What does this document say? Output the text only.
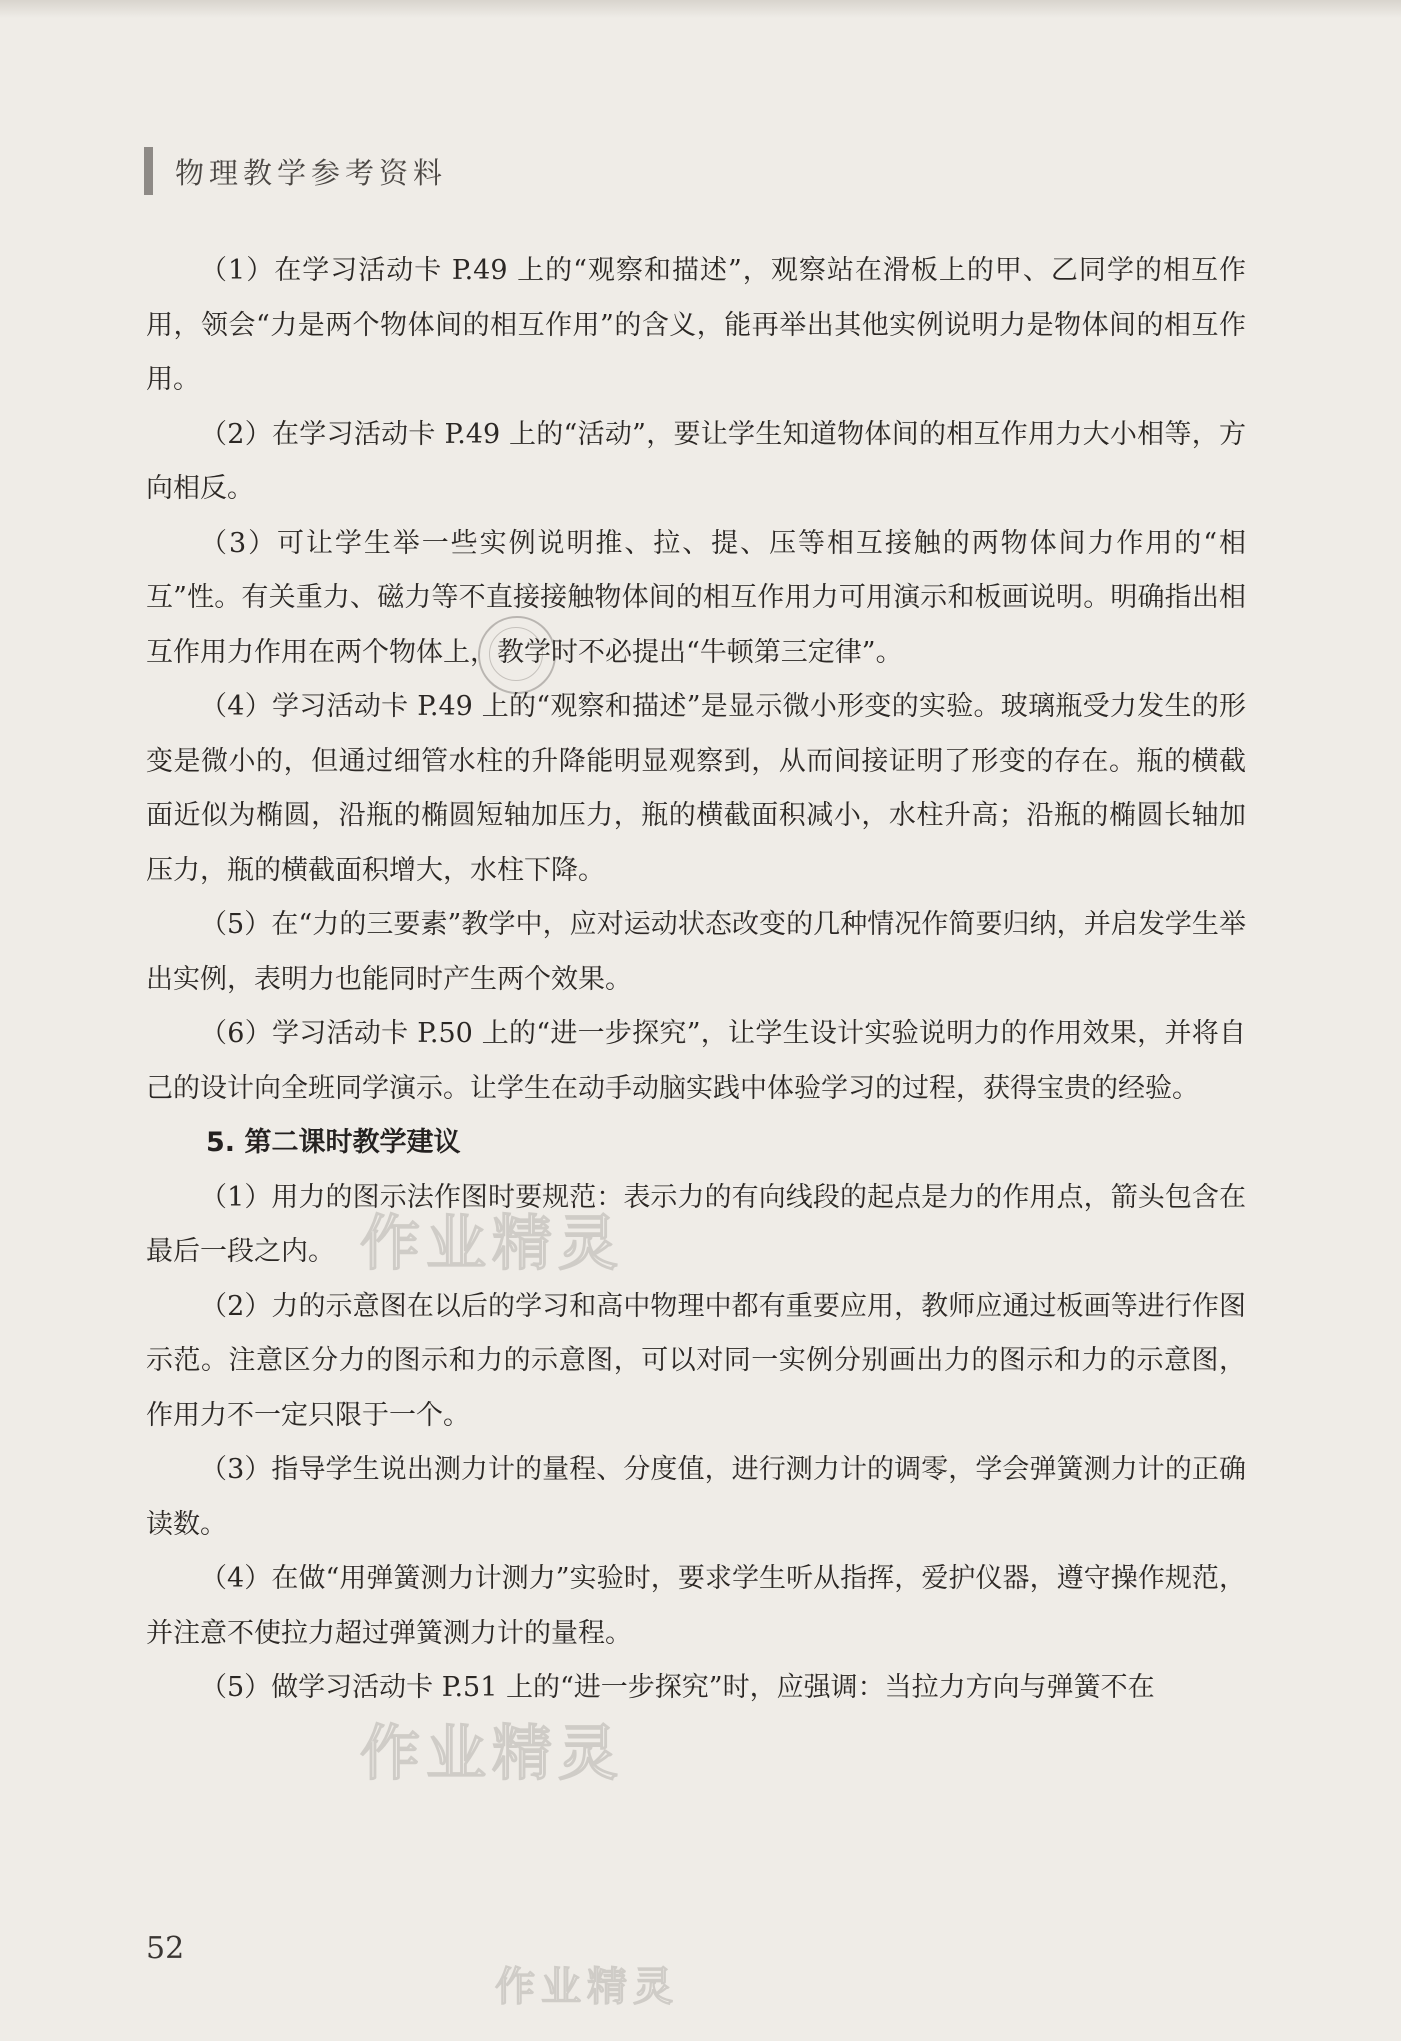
物理教学参考资料
作业精灵
作业精灵
作业精灵

（1）在学习活动卡 P.49 上的“观察和描述”，观察站在滑板上的甲、乙同学的相互作用，领会“力是两个物体间的相互作用”的含义，能再举出其他实例说明力是物体间的相互作用。

（2）在学习活动卡 P.49 上的“活动”，要让学生知道物体间的相互作用力大小相等，方向相反。

（3）可让学生举一些实例说明推、拉、提、压等相互接触的两物体间力作用的“相互”性。有关重力、磁力等不直接接触物体间的相互作用力可用演示和板画说明。明确指出相互作用力作用在两个物体上，教学时不必提出“牛顿第三定律”。

（4）学习活动卡 P.49 上的“观察和描述”是显示微小形变的实验。玻璃瓶受力发生的形变是微小的，但通过细管水柱的升降能明显观察到，从而间接证明了形变的存在。瓶的横截面近似为椭圆，沿瓶的椭圆短轴加压力，瓶的横截面积减小，水柱升高；沿瓶的椭圆长轴加压力，瓶的横截面积增大，水柱下降。

（5）在“力的三要素”教学中，应对运动状态改变的几种情况作简要归纳，并启发学生举出实例，表明力也能同时产生两个效果。

（6）学习活动卡 P.50 上的“进一步探究”，让学生设计实验说明力的作用效果，并将自己的设计向全班同学演示。让学生在动手动脑实践中体验学习的过程，获得宝贵的经验。

5. 第二课时教学建议

（1）用力的图示法作图时要规范：表示力的有向线段的起点是力的作用点，箭头包含在最后一段之内。

（2）力的示意图在以后的学习和高中物理中都有重要应用，教师应通过板画等进行作图示范。注意区分力的图示和力的示意图，可以对同一实例分别画出力的图示和力的示意图，作用力不一定只限于一个。

（3）指导学生说出测力计的量程、分度值，进行测力计的调零，学会弹簧测力计的正确读数。

（4）在做“用弹簧测力计测力”实验时，要求学生听从指挥，爱护仪器，遵守操作规范，并注意不使拉力超过弹簧测力计的量程。

（5）做学习活动卡 P.51 上的“进一步探究”时，应强调：当拉力方向与弹簧不在

52
